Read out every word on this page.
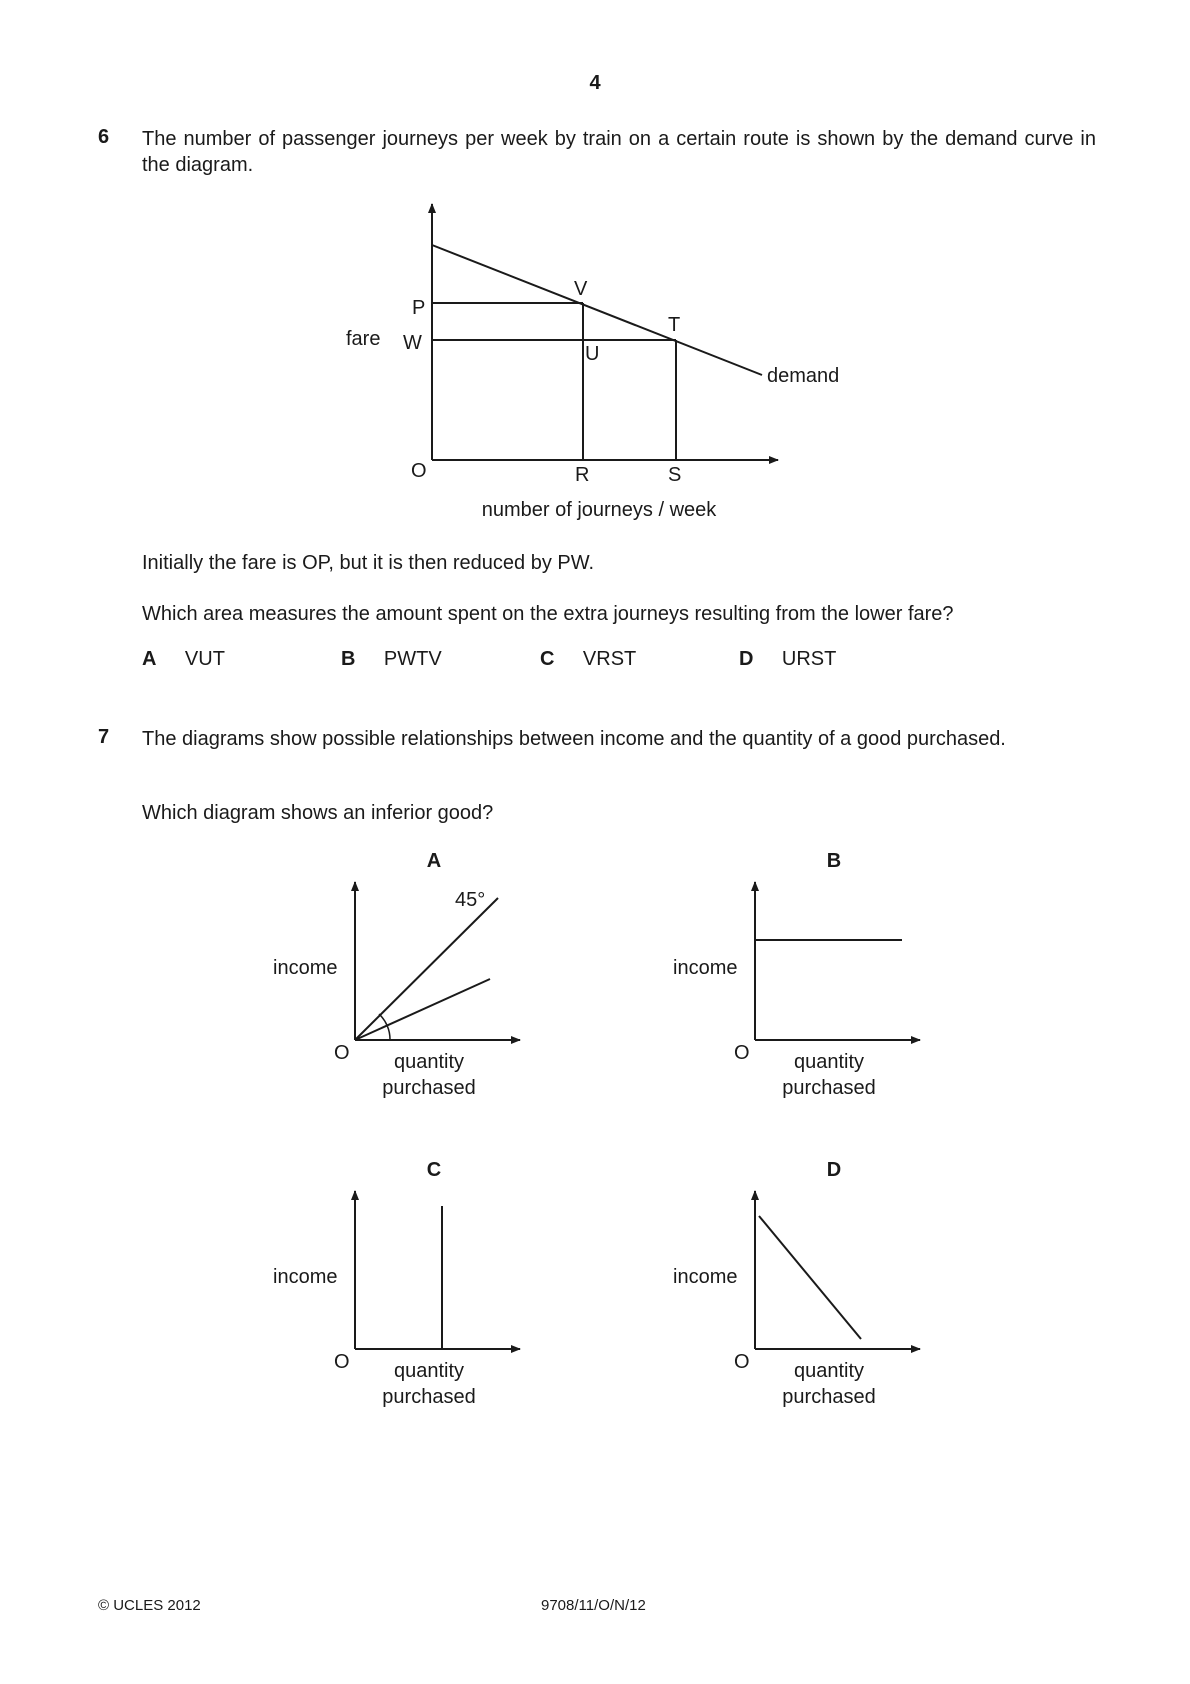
4
6 The number of passenger journeys per week by train on a certain route is shown by the demand curve in the diagram.
fare
P
W
V
T
U
demand
O	R	S
number of journeys / week
Initially the fare is OP, but it is then reduced by PW.
Which area measures the amount spent on the extra journeys resulting from the lower fare?
A VUT	B PWTV	C VRST	D URST
7 The diagrams show possible relationships between income and the quantity of a good purchased.
Which diagram shows an inferior good?
A
45°
income
O quantity
purchased
B
income
O quantity
purchased
C
income
O quantity
purchased
D
income
O quantity
purchased
© UCLES 2012	9708/11/O/N/12
